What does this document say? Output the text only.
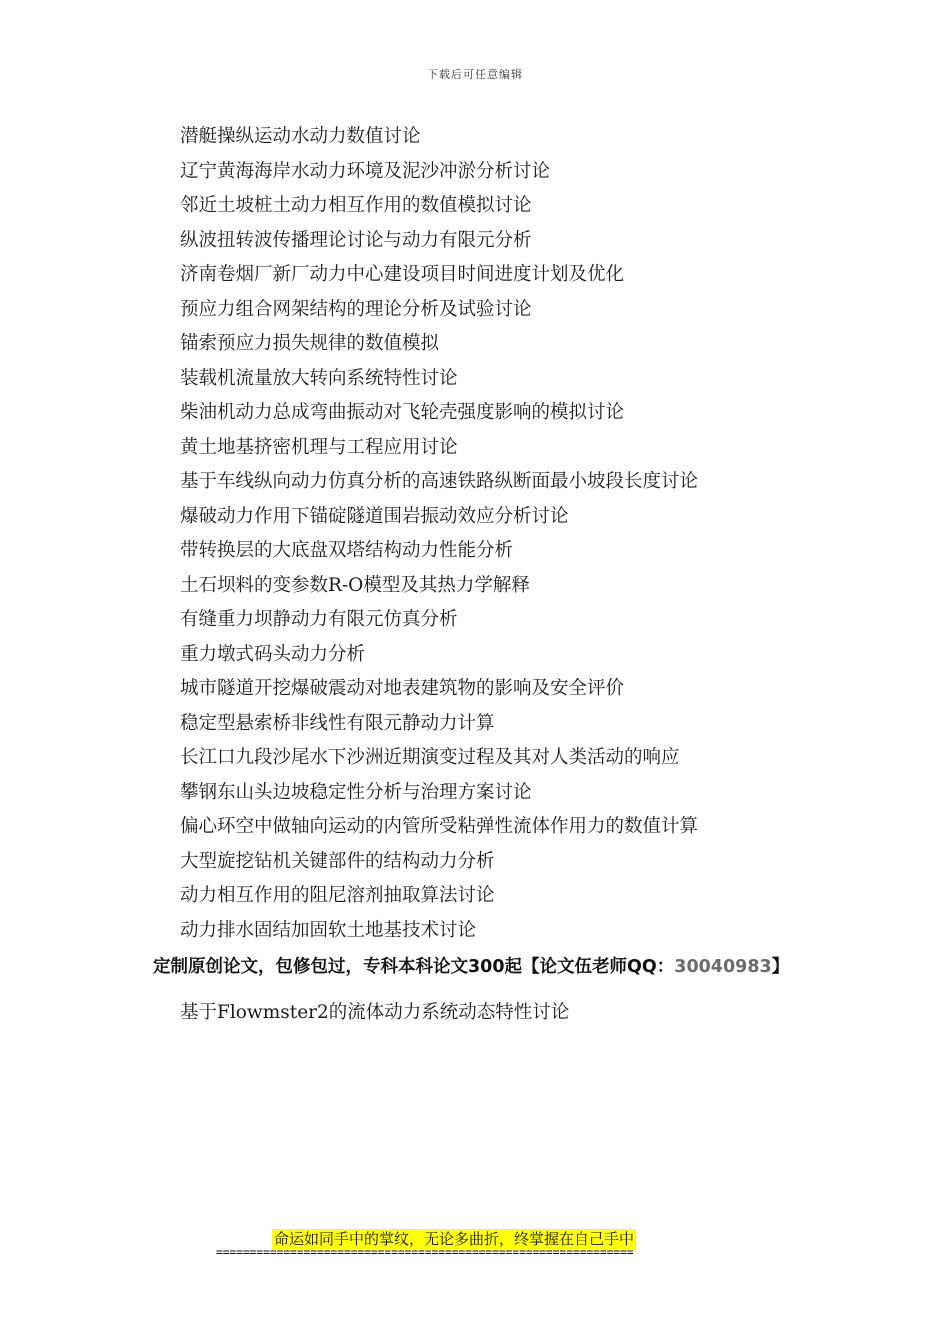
下载后可任意编辑
潜艇操纵运动水动力数值讨论
辽宁黄海海岸水动力环境及泥沙冲淤分析讨论
邻近土坡桩土动力相互作用的数值模拟讨论
纵波扭转波传播理论讨论与动力有限元分析
济南卷烟厂新厂动力中心建设项目时间进度计划及优化
预应力组合网架结构的理论分析及试验讨论
锚索预应力损失规律的数值模拟
装载机流量放大转向系统特性讨论
柴油机动力总成弯曲振动对飞轮壳强度影响的模拟讨论
黄土地基挤密机理与工程应用讨论
基于车线纵向动力仿真分析的高速铁路纵断面最小坡段长度讨论
爆破动力作用下锚碇隧道围岩振动效应分析讨论
带转换层的大底盘双塔结构动力性能分析
土石坝料的变参数R-O模型及其热力学解释
有缝重力坝静动力有限元仿真分析
重力墩式码头动力分析
城市隧道开挖爆破震动对地表建筑物的影响及安全评价
稳定型悬索桥非线性有限元静动力计算
长江口九段沙尾水下沙洲近期演变过程及其对人类活动的响应
攀钢东山头边坡稳定性分析与治理方案讨论
偏心环空中做轴向运动的内管所受粘弹性流体作用力的数值计算
大型旋挖钻机关键部件的结构动力分析
动力相互作用的阻尼溶剂抽取算法讨论
动力排水固结加固软土地基技术讨论
定制原创论文，包修包过，专科本科论文300起【论文伍老师QQ：30040983】
基于Flowmster2的流体动力系统动态特性讨论
命运如同手中的掌纹，无论多曲折，终掌握在自己手中
==============================================================
